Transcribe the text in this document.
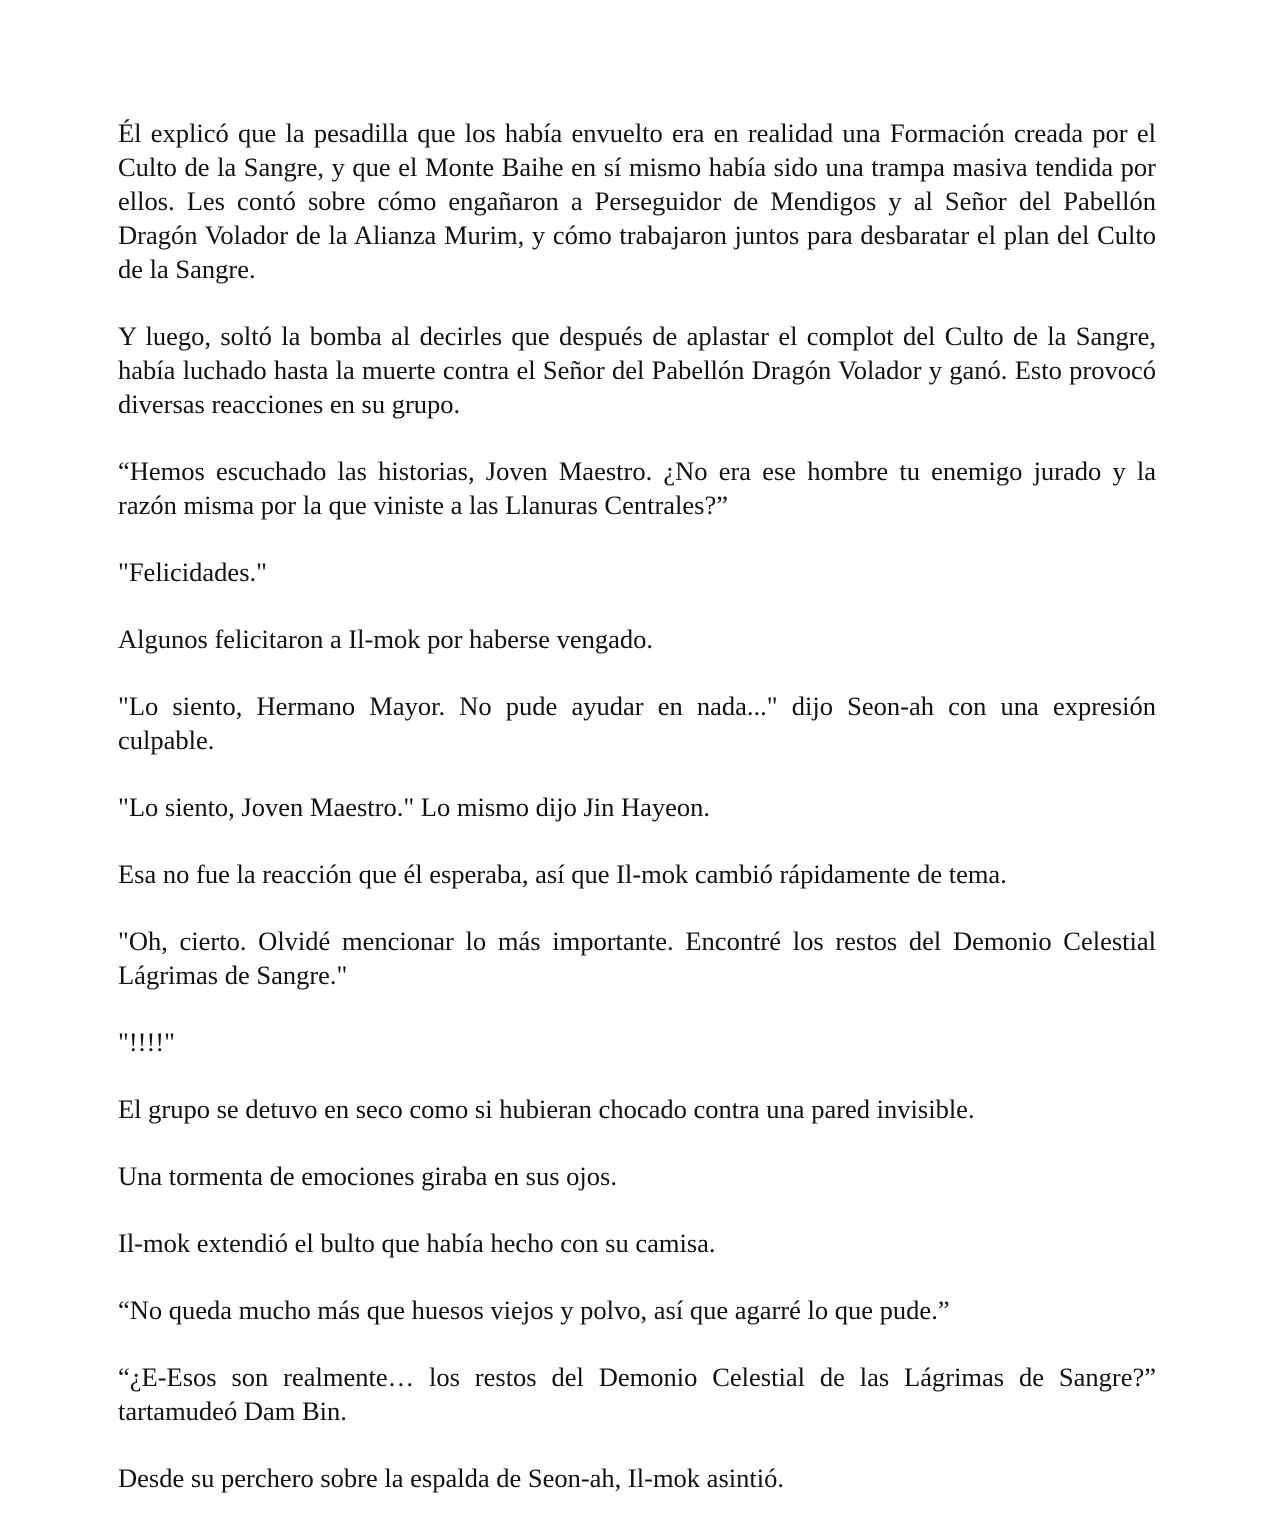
Él explicó que la pesadilla que los había envuelto era en realidad una Formación creada por el Culto de la Sangre, y que el Monte Baihe en sí mismo había sido una trampa masiva tendida por ellos. Les contó sobre cómo engañaron a Perseguidor de Mendigos y al Señor del Pabellón Dragón Volador de la Alianza Murim, y cómo trabajaron juntos para desbaratar el plan del Culto de la Sangre.

Y luego, soltó la bomba al decirles que después de aplastar el complot del Culto de la Sangre, había luchado hasta la muerte contra el Señor del Pabellón Dragón Volador y ganó. Esto provocó diversas reacciones en su grupo.

“Hemos escuchado las historias, Joven Maestro. ¿No era ese hombre tu enemigo jurado y la razón misma por la que viniste a las Llanuras Centrales?”

"Felicidades."

Algunos felicitaron a Il-mok por haberse vengado.

"Lo siento, Hermano Mayor. No pude ayudar en nada..." dijo Seon-ah con una expresión culpable.

"Lo siento, Joven Maestro." Lo mismo dijo Jin Hayeon.

Esa no fue la reacción que él esperaba, así que Il-mok cambió rápidamente de tema.

"Oh, cierto. Olvidé mencionar lo más importante. Encontré los restos del Demonio Celestial Lágrimas de Sangre."

"!!!!"

El grupo se detuvo en seco como si hubieran chocado contra una pared invisible.

Una tormenta de emociones giraba en sus ojos.

Il-mok extendió el bulto que había hecho con su camisa.

“No queda mucho más que huesos viejos y polvo, así que agarré lo que pude.”

“¿E-Esos son realmente… los restos del Demonio Celestial de las Lágrimas de Sangre?” tartamudeó Dam Bin.

Desde su perchero sobre la espalda de Seon-ah, Il-mok asintió.
